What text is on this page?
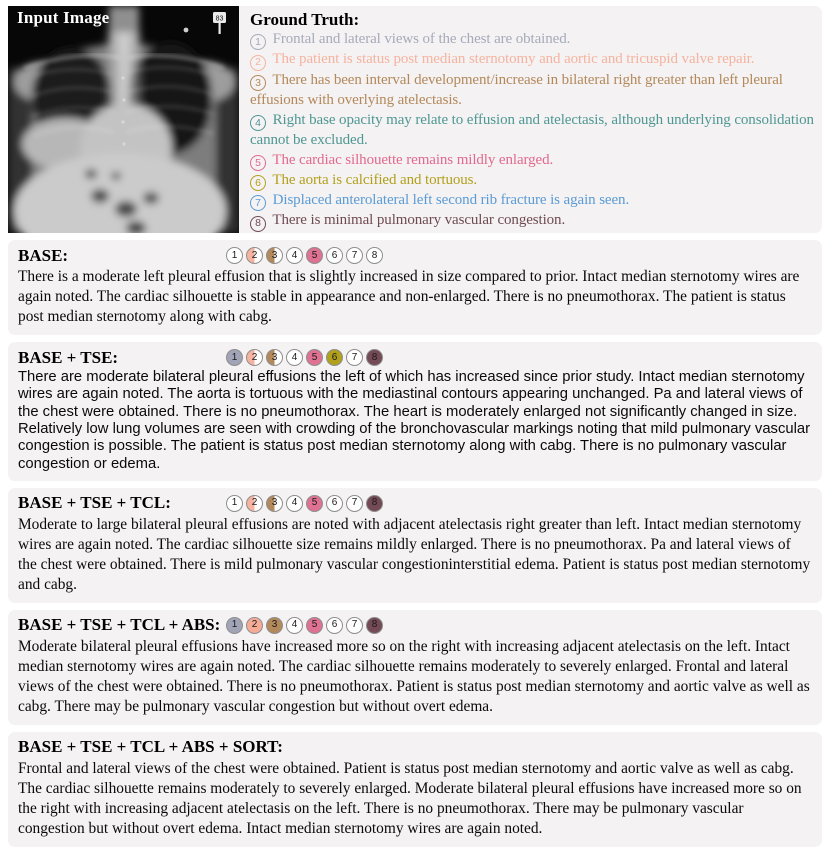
83
Input Image	Ground Truth:
1 Frontal and lateral views of the chest are obtained.
2 The patient is status post median sternotomy and aortic and tricuspid valve repair.
3 There has been interval development/increase in bilateral right greater than left pleural effusions with overlying atelectasis.
4 Right base opacity may relate to effusion and atelectasis, although underlying consolidation cannot be excluded.
5 The cardiac silhouette remains mildly enlarged.
6 The aorta is calcified and tortuous.
7 Displaced anterolateral left second rib fracture is again seen.
8 There is minimal pulmonary vascular congestion.
BASE:	1	2	3	4	5	6	7	8
There is a moderate left pleural effusion that is slightly increased in size compared to prior. Intact median sternotomy wires are again noted. The cardiac silhouette is stable in appearance and non-enlarged. There is no pneumothorax. The patient is status post median sternotomy along with cabg.
BASE + TSE:	1	2	3	4	5	6	7	8
There are moderate bilateral pleural effusions the left of which has increased since prior study. Intact median sternotomy wires are again noted. The aorta is tortuous with the mediastinal contours appearing unchanged. Pa and lateral views of the chest were obtained. There is no pneumothorax. The heart is moderately enlarged not significantly changed in size. Relatively low lung volumes are seen with crowding of the bronchovascular markings noting that mild pulmonary vascular congestion is possible. The patient is status post median sternotomy along with cabg. There is no pulmonary vascular congestion or edema.
BASE + TSE + TCL:	1	2	3	4	5	6	7	8
Moderate to large bilateral pleural effusions are noted with adjacent atelectasis right greater than left. Intact median sternotomy wires are again noted. The cardiac silhouette size remains mildly enlarged. There is no pneumothorax. Pa and lateral views of the chest were obtained. There is mild pulmonary vascular congestioninterstitial edema. Patient is status post median sternotomy and cabg.
BASE + TSE + TCL + ABS:	1	2	3	4	5	6	7	8
Moderate bilateral pleural effusions have increased more so on the right with increasing adjacent atelectasis on the left. Intact median sternotomy wires are again noted. The cardiac silhouette remains moderately to severely enlarged. Frontal and lateral views of the chest were obtained. There is no pneumothorax. Patient is status post median sternotomy and aortic valve as well as cabg. There may be pulmonary vascular congestion but without overt edema.
BASE + TSE + TCL + ABS + SORT:
Frontal and lateral views of the chest were obtained. Patient is status post median sternotomy and aortic valve as well as cabg. The cardiac silhouette remains moderately to severely enlarged. Moderate bilateral pleural effusions have increased more so on the right with increasing adjacent atelectasis on the left. There is no pneumothorax. There may be pulmonary vascular congestion but without overt edema. Intact median sternotomy wires are again noted.
